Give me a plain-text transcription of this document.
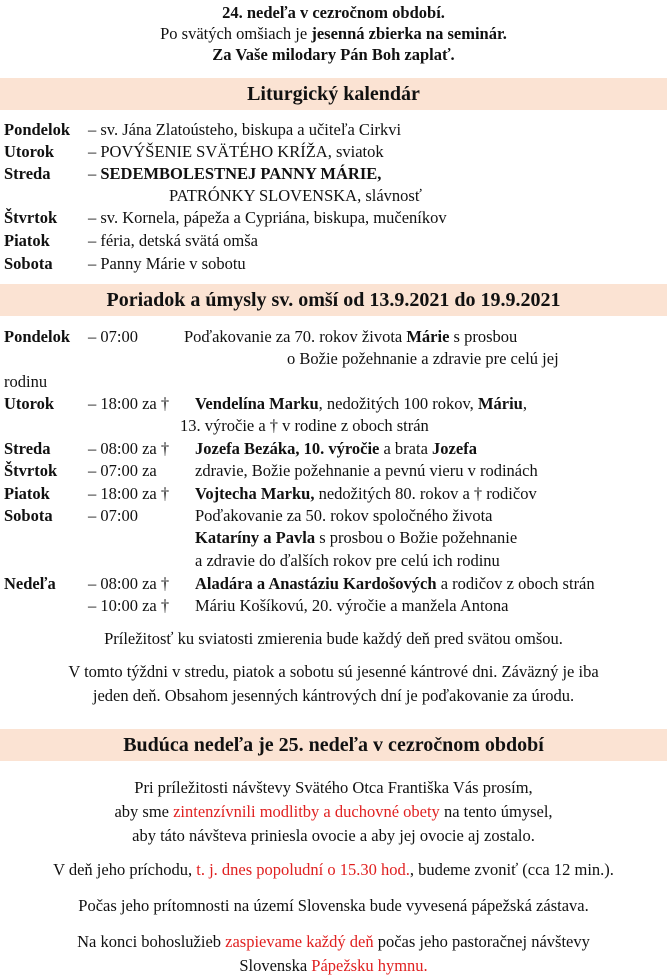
24. nedeľa v cezročnom období.
Po svätých omšiach je jesenná zbierka na seminár.
Za Vaše milodary Pán Boh zaplať.
Liturgický kalendár
Pondelok – sv. Jána Zlatoústeho, biskupa a učiteľa Cirkvi
Utorok – POVÝŠENIE SVÄTÉHO KRÍŽA, sviatok
Streda – SEDEMBOLESTNEJ PANNY MÁRIE,
PATRÓNKY SLOVENSKA, slávnosť
Štvrtok – sv. Kornela, pápeža a Cypriána, biskupa, mučeníkov
Piatok – féria, detská svätá omša
Sobota – Panny Márie v sobotu
Poriadok a úmysly sv. omší od 13.9.2021 do 19.9.2021
Pondelok – 07:00	Poďakovanie za 70. rokov života Márie s prosbou
o Božie požehnanie a zdravie pre celú jej
rodinu
Utorok – 18:00 za † Vendelína Marku, nedožitých 100 rokov, Máriu,
13. výročie a † v rodine z oboch strán
Streda – 08:00 za † Jozefa Bezáka, 10. výročie a brata Jozefa
Štvrtok – 07:00 za zdravie, Božie požehnanie a pevnú vieru v rodinách
Piatok – 18:00 za † Vojtecha Marku, nedožitých 80. rokov a † rodičov
Sobota – 07:00	Poďakovanie za 50. rokov spoločného života
Kataríny a Pavla s prosbou o Božie požehnanie
a zdravie do ďalších rokov pre celú ich rodinu
Nedeľa – 08:00 za † Aladára a Anastáziu Kardošových a rodičov z oboch strán
– 10:00 za † Máriu Košíkovú, 20. výročie a manžela Antona
Príležitosť ku sviatosti zmierenia bude každý deň pred svätou omšou.
V tomto týždni v stredu, piatok a sobotu sú jesenné kántrové dni. Záväzný je iba
jeden deň. Obsahom jesenných kántrových dní je poďakovanie za úrodu.
Budúca nedeľa je 25. nedeľa v cezročnom období
Pri príležitosti návštevy Svätého Otca Františka Vás prosím,
aby sme zintenzívnili modlitby a duchovné obety na tento úmysel,
aby táto návšteva priniesla ovocie a aby jej ovocie aj zostalo.
V deň jeho príchodu, t. j. dnes popoludní o 15.30 hod., budeme zvoniť (cca 12 min.).
Počas jeho prítomnosti na území Slovenska bude vyvesená pápežská zástava.
Na konci bohoslužieb zaspievame každý deň počas jeho pastoračnej návštevy
Slovenska Pápežsku hymnu.
